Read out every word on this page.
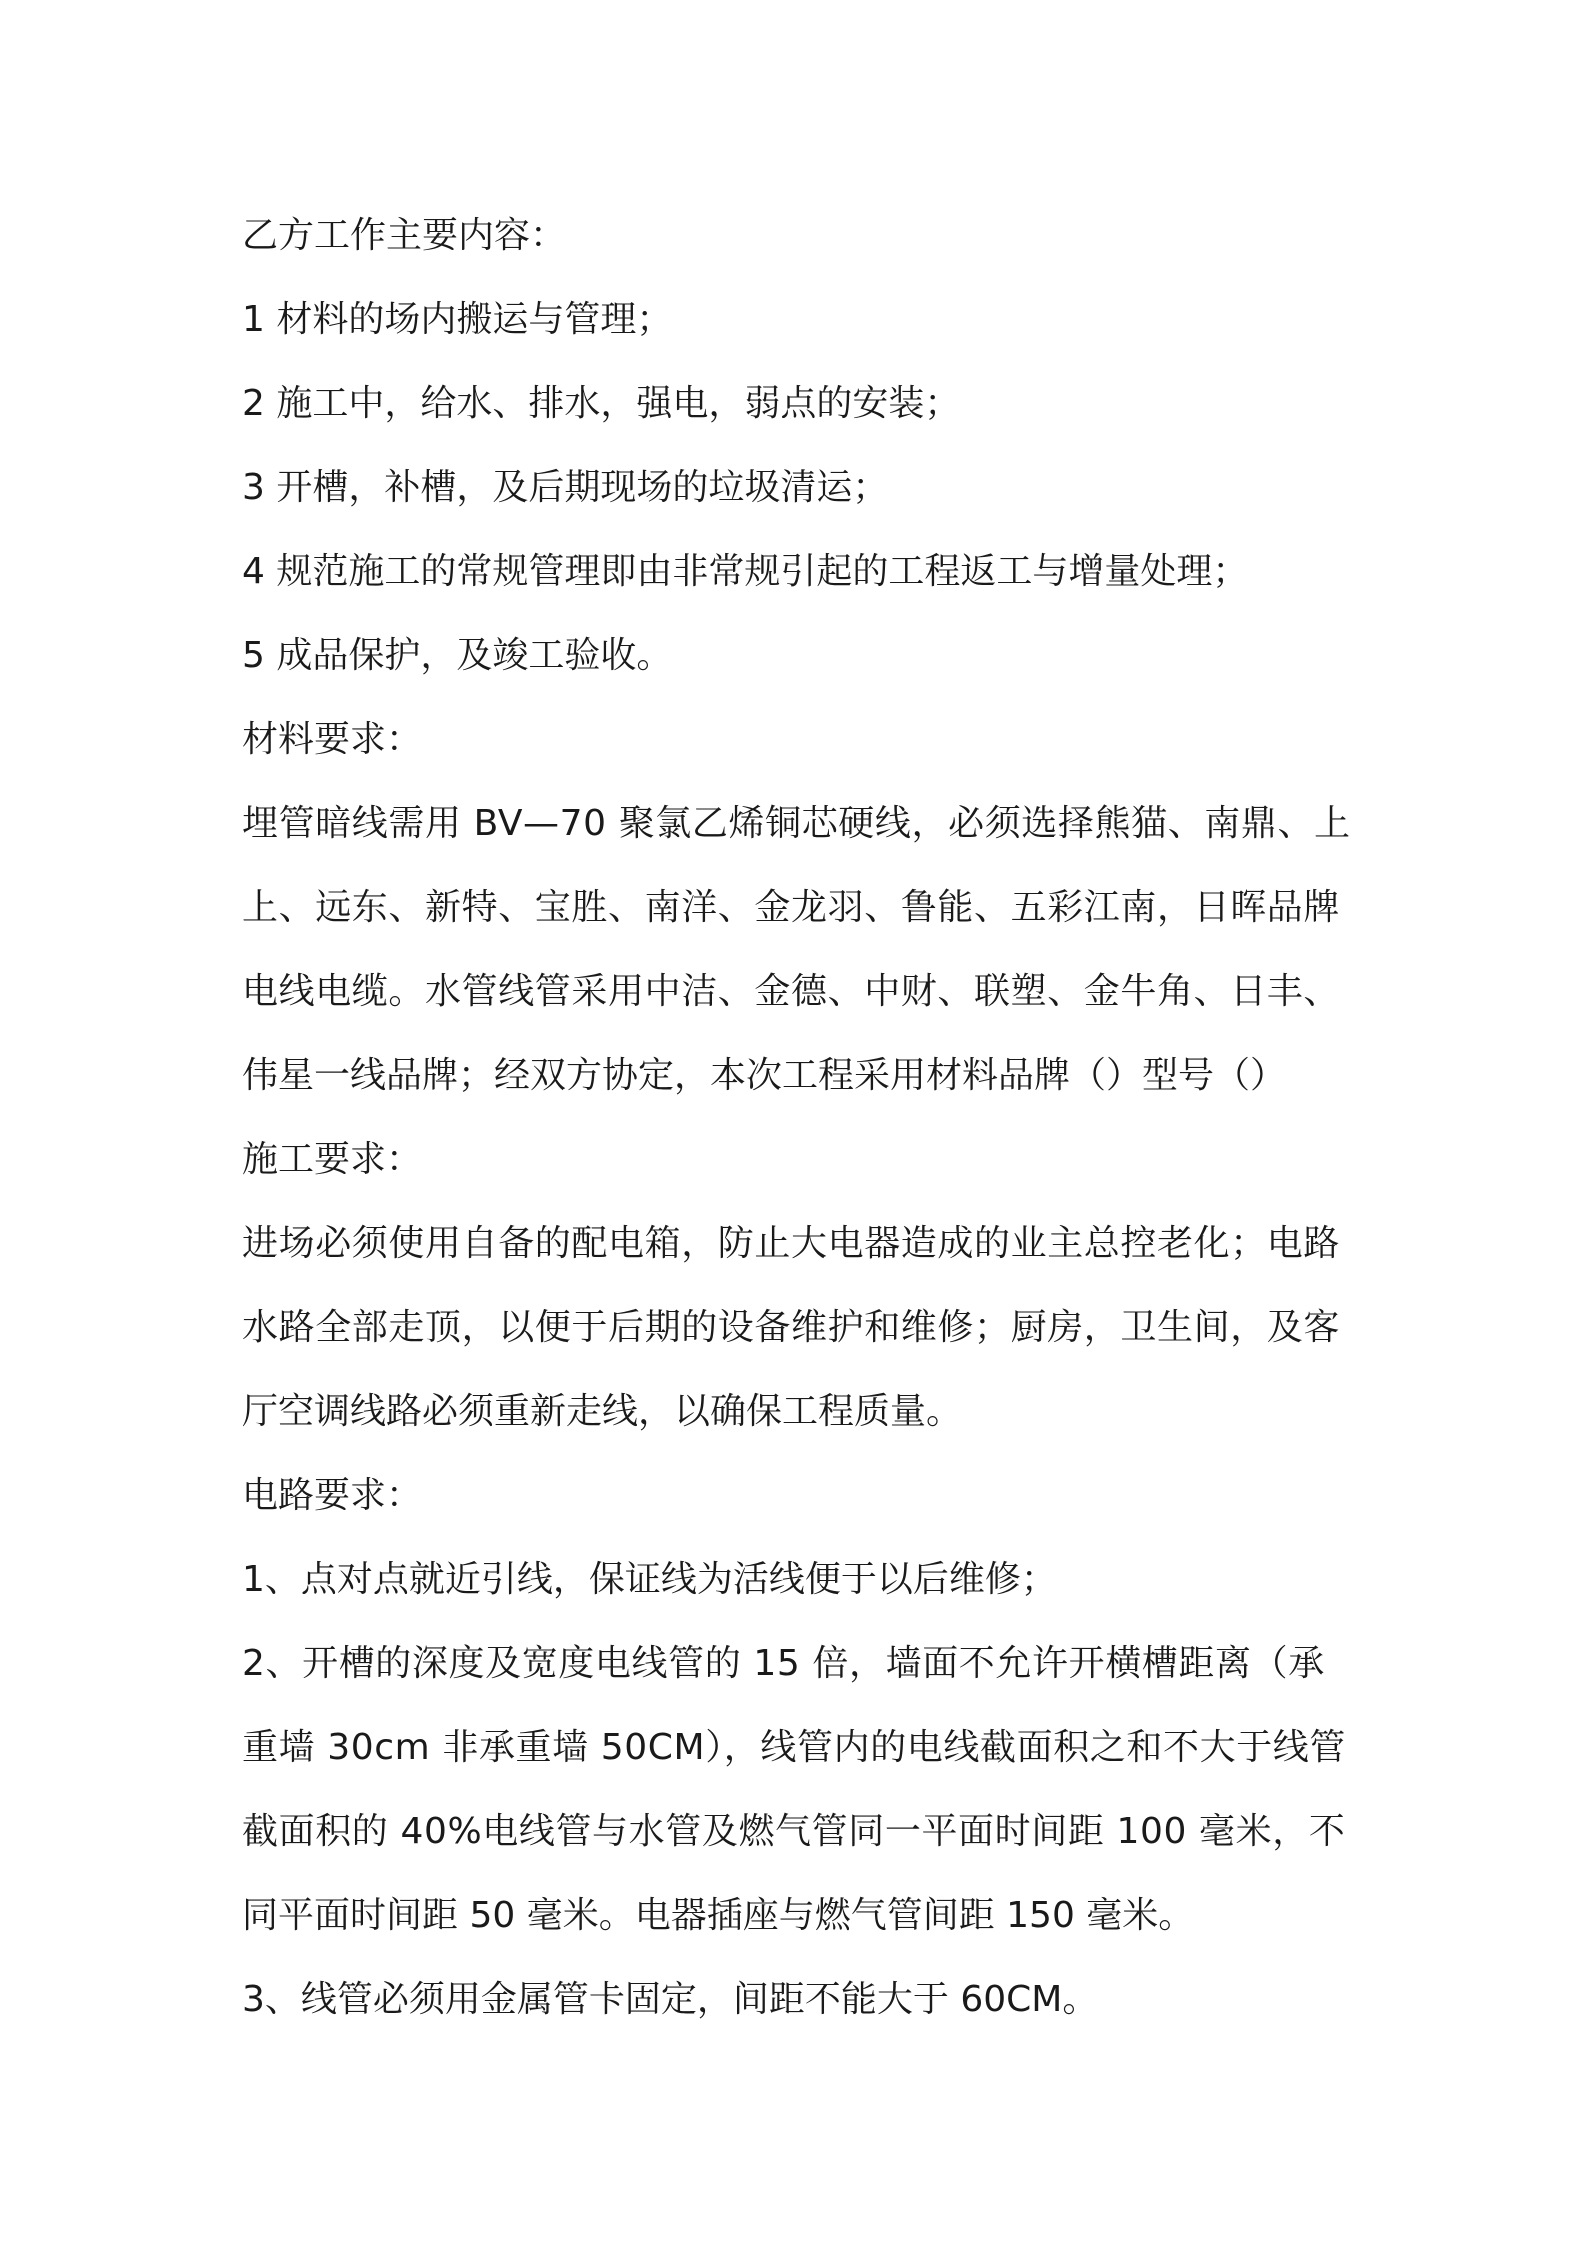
乙方工作主要内容：
1 材料的场内搬运与管理；
2 施工中，给水、排水，强电，弱点的安装；
3 开槽，补槽，及后期现场的垃圾清运；
4 规范施工的常规管理即由非常规引起的工程返工与增量处理；
5 成品保护，及竣工验收。
材料要求：
埋管暗线需用 BV—70 聚氯乙烯铜芯硬线，必须选择熊猫、南鼎、上
上、远东、新特、宝胜、南洋、金龙羽、鲁能、五彩江南，日晖品牌
电线电缆。水管线管采用中洁、金德、中财、联塑、金牛角、日丰、
伟星一线品牌；经双方协定，本次工程采用材料品牌（）型号（）
施工要求：
进场必须使用自备的配电箱，防止大电器造成的业主总控老化；电路
水路全部走顶，以便于后期的设备维护和维修；厨房，卫生间，及客
厅空调线路必须重新走线，以确保工程质量。
电路要求：
1、点对点就近引线，保证线为活线便于以后维修；
2、开槽的深度及宽度电线管的 15 倍，墙面不允许开横槽距离（承
重墙 30cm 非承重墙 50CM），线管内的电线截面积之和不大于线管
截面积的 40%电线管与水管及燃气管同一平面时间距 100 毫米，不
同平面时间距 50 毫米。电器插座与燃气管间距 150 毫米。
3、线管必须用金属管卡固定，间距不能大于 60CM。
